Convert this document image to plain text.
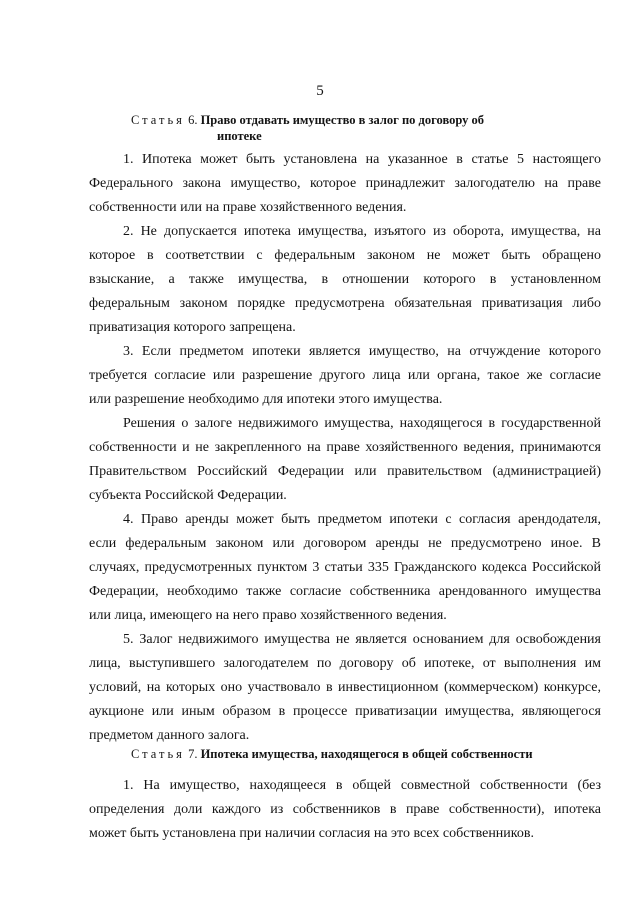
5
Статья 6. Право отдавать имущество в залог по договору об
ипотеке
1. Ипотека может быть установлена на указанное в статье 5 настоящего
Федерального закона имущество, которое принадлежит залогодателю на праве
собственности или на праве хозяйственного ведения.
2. Не допускается ипотека имущества, изъятого из оборота, имущества, на
которое в соответствии с федеральным законом не может быть обращено
взыскание, а также имущества, в отношении которого в установленном
федеральным законом порядке предусмотрена обязательная приватизация либо
приватизация которого запрещена.
3. Если предметом ипотеки является имущество, на отчуждение которого
требуется согласие или разрешение другого лица или органа, такое же согласие
или разрешение необходимо для ипотеки этого имущества.
Решения о залоге недвижимого имущества, находящегося в государственной
собственности и не закрепленного на праве хозяйственного ведения, принимаются
Правительством Российский Федерации или правительством (администрацией)
субъекта Российской Федерации.
4. Право аренды может быть предметом ипотеки с согласия арендодателя,
если федеральным законом или договором аренды не предусмотрено иное. В
случаях, предусмотренных пунктом 3 статьи 335 Гражданского кодекса Российской
Федерации, необходимо также согласие собственника арендованного имущества
или лица, имеющего на него право хозяйственного ведения.
5. Залог недвижимого имущества не является основанием для освобождения
лица, выступившего залогодателем по договору об ипотеке, от выполнения им
условий, на которых оно участвовало в инвестиционном (коммерческом) конкурсе,
аукционе или иным образом в процессе приватизации имущества, являющегося
предметом данного залога.
Статья 7. Ипотека имущества, находящегося в общей собственности
1. На имущество, находящееся в общей совместной собственности (без
определения доли каждого из собственников в праве собственности), ипотека
может быть установлена при наличии согласия на это всех собственников.
